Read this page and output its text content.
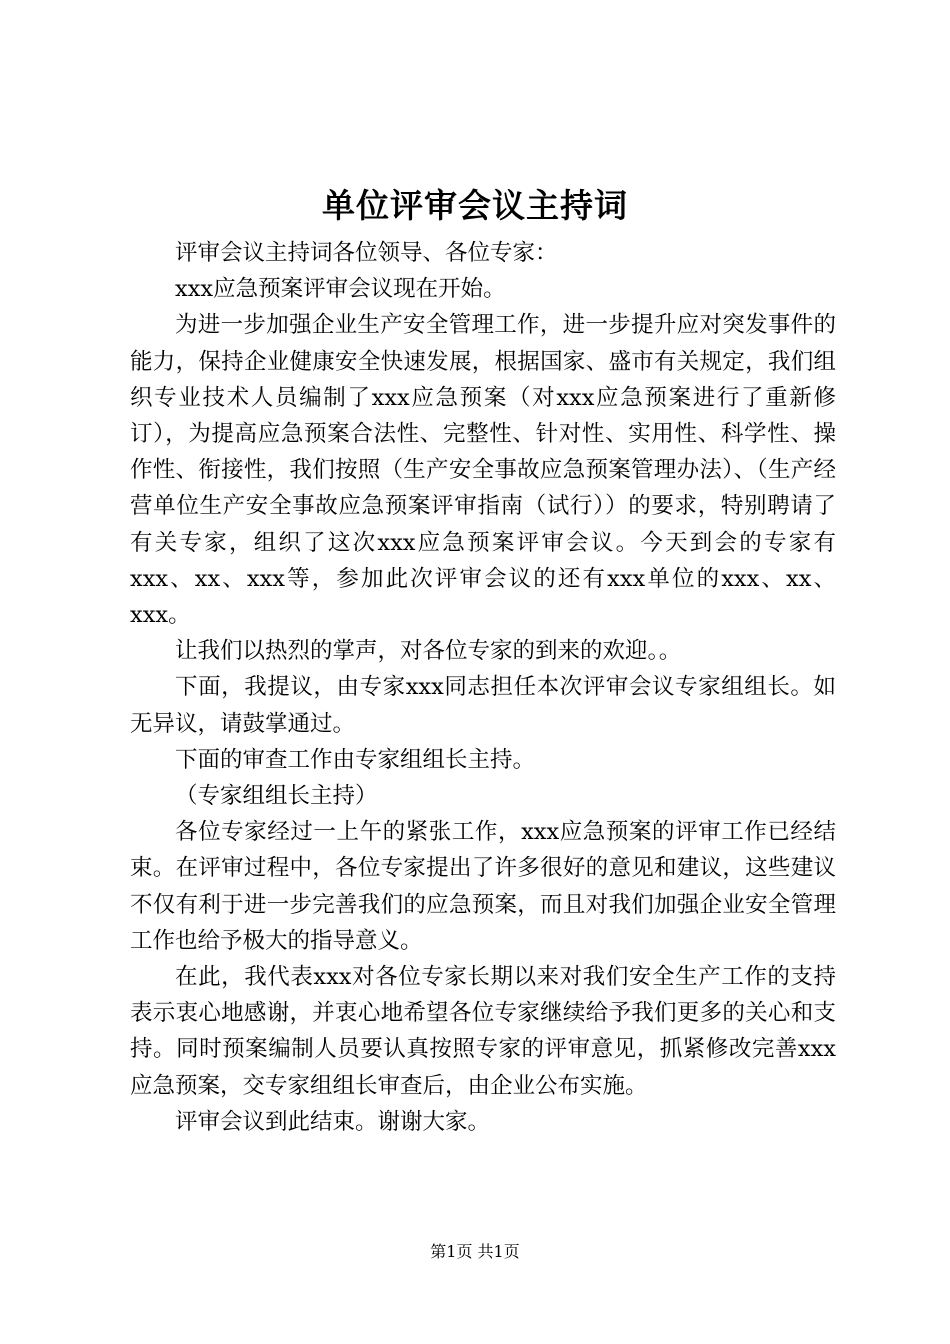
单位评审会议主持词

评审会议主持词各位领导、各位专家：

xxx应急预案评审会议现在开始。

为进一步加强企业生产安全管理工作，进一步提升应对突发事件的能力，保持企业健康安全快速发展，根据国家、盛市有关规定，我们组织专业技术人员编制了xxx应急预案（对xxx应急预案进行了重新修订），为提高应急预案合法性、完整性、针对性、实用性、科学性、操作性、衔接性，我们按照（生产安全事故应急预案管理办法）、（生产经营单位生产安全事故应急预案评审指南（试行））的要求，特别聘请了有关专家，组织了这次xxx应急预案评审会议。今天到会的专家有xxx、xx、xxx等，参加此次评审会议的还有xxx单位的xxx、xx、xxx。

让我们以热烈的掌声，对各位专家的到来的欢迎。。

下面，我提议，由专家xxx同志担任本次评审会议专家组组长。如无异议，请鼓掌通过。

下面的审查工作由专家组组长主持。

（专家组组长主持）

各位专家经过一上午的紧张工作，xxx应急预案的评审工作已经结束。在评审过程中，各位专家提出了许多很好的意见和建议，这些建议不仅有利于进一步完善我们的应急预案，而且对我们加强企业安全管理工作也给予极大的指导意义。

在此，我代表xxx对各位专家长期以来对我们安全生产工作的支持表示衷心地感谢，并衷心地希望各位专家继续给予我们更多的关心和支持。同时预案编制人员要认真按照专家的评审意见，抓紧修改完善xxx应急预案，交专家组组长审查后，由企业公布实施。

评审会议到此结束。谢谢大家。

第1页 共1页
